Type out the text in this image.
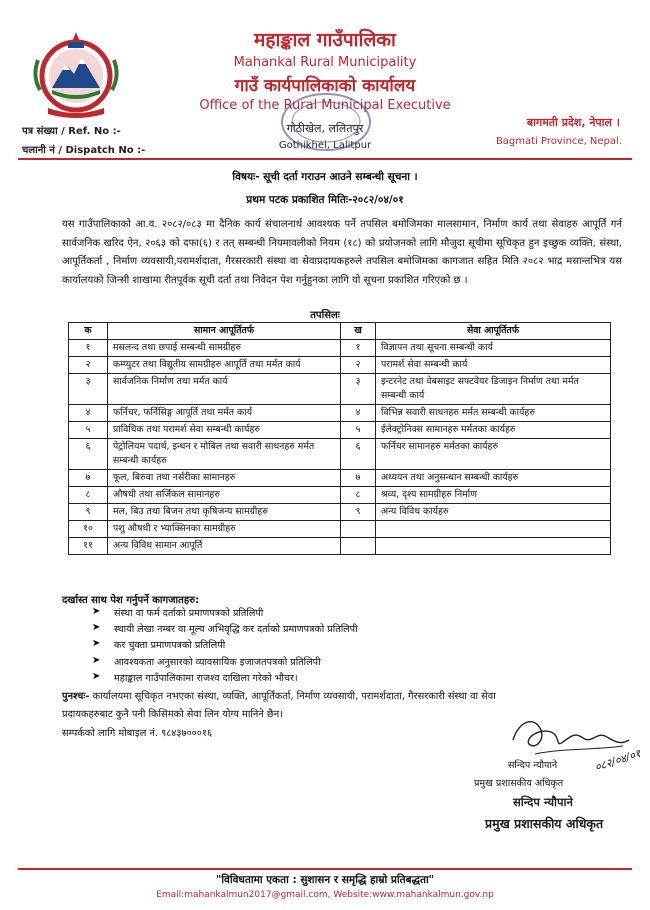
महाङ्काल गाउँपालिका
Mahankal Rural Municipality
गाउँ कार्यपालिकाको कार्यालय
Office of the Rural Municipal Executive
गोठीखेल, ललितपुर
Gothikhel, Lalitpur
पत्र संख्या / Ref. No :-
चलानी नं / Dispatch No :-
बागमती प्रदेश, नेपाल ।
Bagmati Province, Nepal.
विषयः- सूची दर्ता गराउन आउने सम्बन्धी सूचना ।
प्रथम पटक प्रकाशित मितिः-२०८२/०४/०१
यस गाउँपालिकाको आ.व. २०८२/०८३ मा दैनिक कार्य संचालनार्थ आवश्यक पर्ने तपसिल बमोजिमका मालसामान, निर्माण कार्य तथा सेवाहरु आपूर्ति गर्न सार्वजनिक खरिद ऐन, २०६३ को दफा(६) र तत् सम्बन्धी नियमावलीको नियम (१८) को प्रयोजनको लागि मौजुदा सूचीमा सूचिकृत हुन इच्छुक व्यक्ति, संस्था, आपूर्तिकर्ता , निर्माण व्यवसायी,परामर्शदाता, गैरसरकारी संस्था वा सेवाप्रदायकहरुले तपसिल बमोजिमका कागजात सहित मिति २०८२ भाद्र मसान्तभित्र यस कार्यालयको जिन्सी शाखामा रीतपूर्वक सूची दर्ता तथा निवेदन पेश गर्नुहुनका लागि यो सूचना प्रकाशित गरिएको छ ।
तपसिलः
क	सामान आपूर्तितर्फ	ख	सेवा आपूर्तितर्फ
१	मसलन्द तथा छपाई सम्बन्धी सामग्रीहरु	१	विज्ञापन तथा सूचना सम्बन्धी कार्य
२	कम्प्युटर तथा विद्युतीय सामग्रीहरु आपूर्ति तथा मर्मत कार्य	२	परामर्श सेवा सम्बन्धी कार्य
३	सार्वजनिक निर्माण तथा मर्मत कार्य	३	इन्टरनेट तथा वेबसाइट सफ्टवेयर डिजाइन निर्माण तथा मर्मत सम्बन्धी कार्य
४	फर्निचर, फर्निसिङ्ग आपूर्ति तथा मर्मत कार्य	४	विभिन्न सवारी साधनहरु मर्मत सम्बन्धी कार्यहरु
५	प्राविधिक तथा परामर्श सेवा सम्बन्धी कार्यहरु	५	ईलेक्ट्रोनिक्स सामानहरु मर्मतका कार्यहरु
६	पेट्रोलियम पदार्थ, इन्धन र मोबिल तथा सवारी साधनहरु मर्मत सम्बन्धी कार्यहरु	६	फर्निचर सामानहरु मर्मतका कार्यहरु
७	फूल, बिरुवा तथा नर्सरीका सामानहरु	७	अध्ययन तथा अनुसन्धान सम्बन्धी कार्यहरु
८	औषधी तथा सर्जिकल सामानहरु	८	श्रव्य, दृश्य सामग्रीहरु निर्माण
९	मल, बिउ तथा बिजन तथा कृषिजन्य सामग्रीहरु	९	अन्य विविध कार्यहरु
१०	पशु औषधी र भ्याक्सिनका सामग्रीहरु		
११	अन्य विविध सामान आपूर्ति		
दर्खास्त साथ पेश गर्नुपर्ने कागजातहरु:
➤ संस्था वा फर्म दर्ताको प्रमाणपत्रको प्रतिलिपी
➤ स्थायी लेखा नम्बर वा मूल्य अभिवृद्धि कर दर्ताको प्रमाणपत्रको प्रतिलिपी
➤ कर चुक्ता प्रमाणपत्रको प्रतिलिपी
➤ आवश्यकता अनुसारको व्यावसायिक इजाजतपत्रको प्रतिलिपी
➤ महाङ्काल गाउँपालिकामा राजश्व दाखिला गरेको भौचर।
पुनश्चः- कार्यालयमा सूचिकृत नभएका संस्था, व्यक्ति, आपूर्तिकर्ता, निर्माण व्यवसायी, परामर्शदाता, गैरसरकारी संस्था वा सेवा प्रदायकहरुबाट कुनै पनी किसिमको सेवा लिन योग्य मानिने छैन।
सम्पर्कको लागि मोबाइल नं. ९८४३७०००१६
सन्दिप न्यौपाने	०८२/०४/०१
प्रमुख प्रशासकीय अधिकृत
सन्दिप न्यौपाने
प्रमुख प्रशासकीय अधिकृत
"विविधतामा एकता : सुशासन र समृद्धि हाम्रो प्रतिबद्धता"
Email:mahankalmun2017@gmail.com, Website:www.mahankalmun.gov.np
